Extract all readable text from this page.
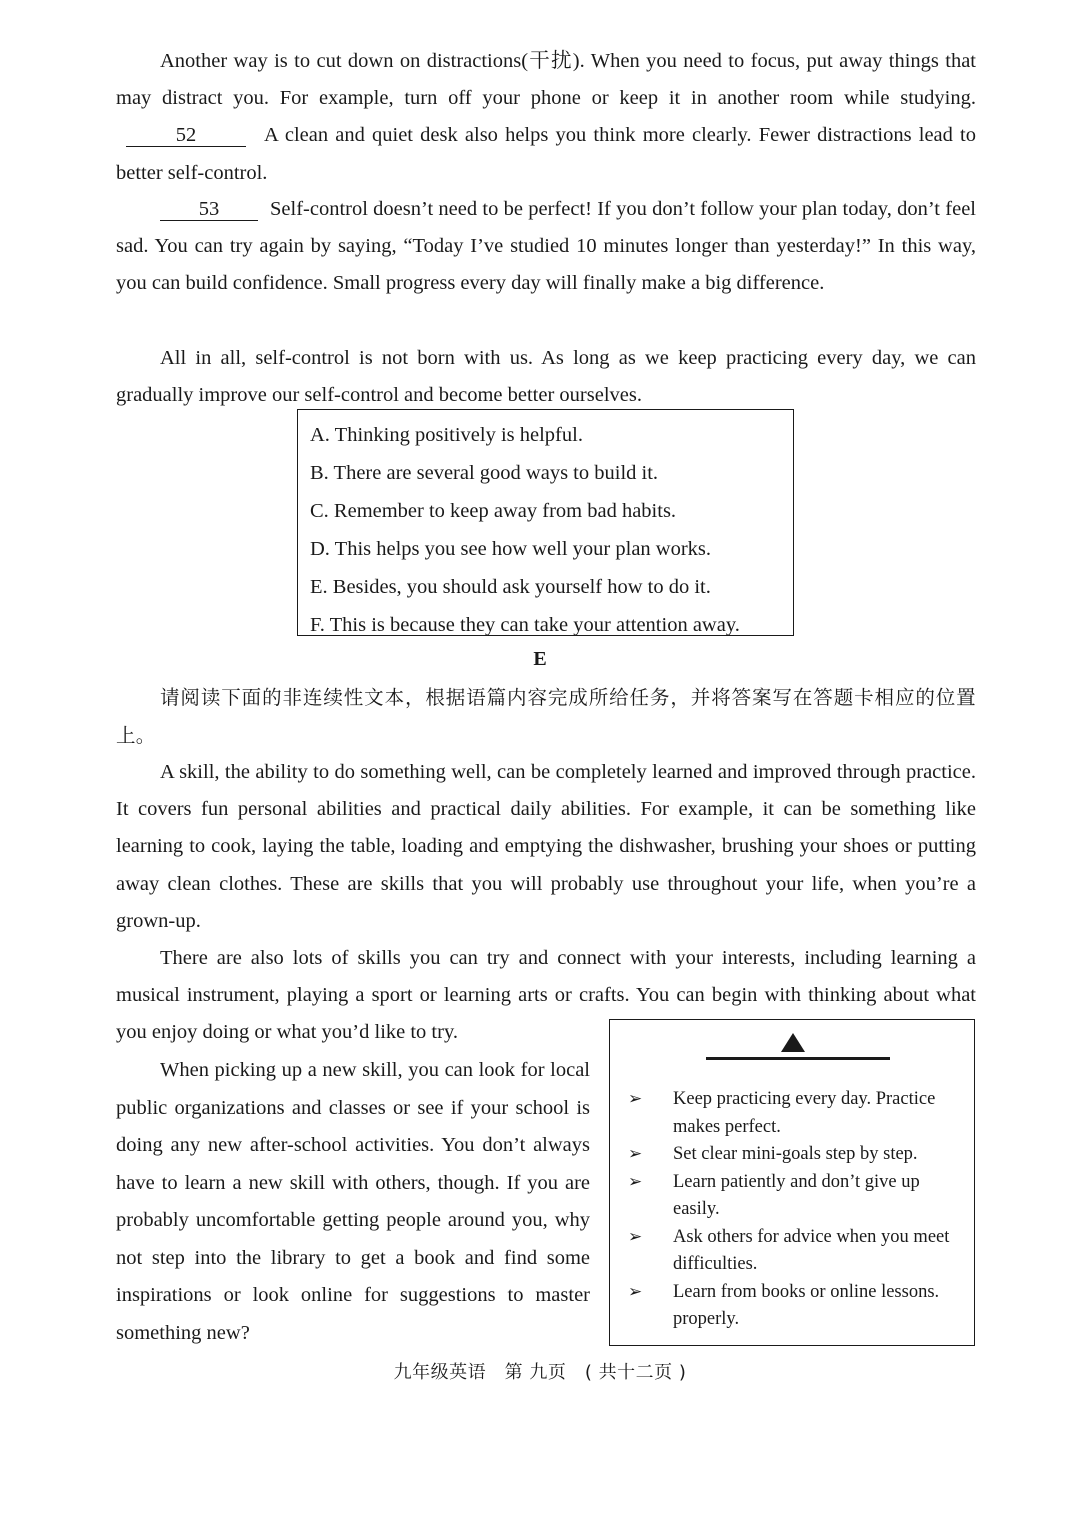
Another way is to cut down on distractions(干扰). When you need to focus, put away things that may distract you. For example, turn off your phone or keep it in another room while studying. 52	A clean and quiet desk also helps you think more clearly. Fewer distractions lead to better self-control.

53 Self-control doesn’t need to be perfect! If you don’t follow your plan today, don’t feel sad. You can try again by saying, “Today I’ve studied 10 minutes longer than yesterday!” In this way, you can build confidence. Small progress every day will finally make a big difference.

All in all, self-control is not born with us. As long as we keep practicing every day, we can gradually improve our self-control and become better ourselves.

A. Thinking positively is helpful.
B. There are several good ways to build it.
C. Remember to keep away from bad habits.
D. This helps you see how well your plan works.
E. Besides, you should ask yourself how to do it.
F. This is because they can take your attention away.
E

请阅读下面的非连续性文本，根据语篇内容完成所给任务，并将答案写在答题卡相应的位置上。

A skill, the ability to do something well, can be completely learned and improved through practice. It covers fun personal abilities and practical daily abilities. For example, it can be something like learning to cook, laying the table, loading and emptying the dishwasher, brushing your shoes or putting away clean clothes. These are skills that you will probably use throughout your life, when you’re a grown-up.

There are also lots of skills you can try and connect with your interests, including learning a musical instrument, playing a sport or learning arts or crafts. You can begin with thinking about what you enjoy doing or what you’d like to try.

When picking up a new skill, you can look for local public organizations and classes or see if your school is doing any new after-school activities. You don’t always have to learn a new skill with others, though. If you are probably uncomfortable getting people around you, why not step into the library to get a book and find some inspirations or look online for suggestions to master something new?

➢ Keep practicing every day. Practice makes perfect.
➢ Set clear mini-goals step by step.
➢ Learn patiently and don’t give up easily.
➢ Ask others for advice when you meet difficulties.
➢ Learn from books or online lessons. properly.
九年级英语　第 九页　( 共十二页 )
